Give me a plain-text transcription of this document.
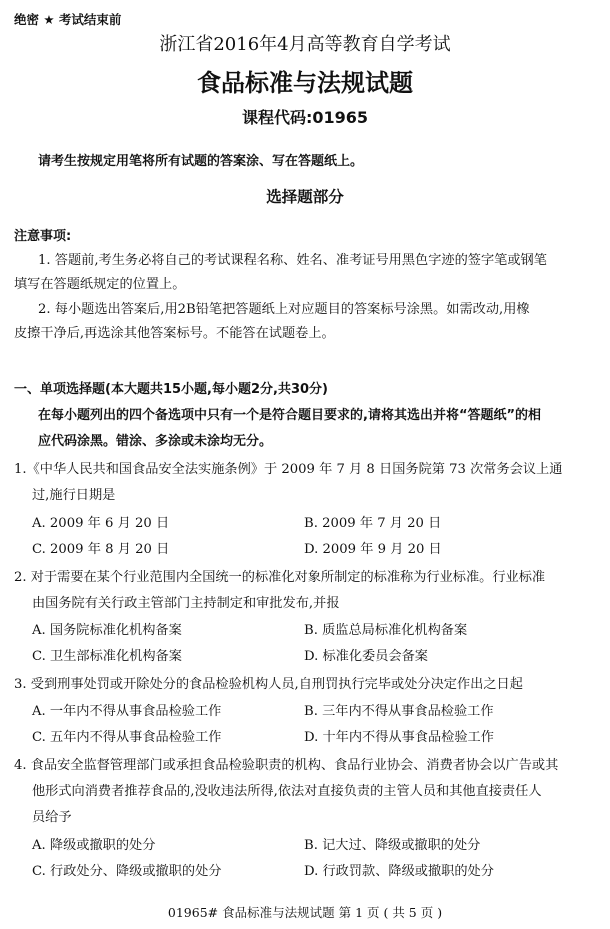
绝密 ★ 考试结束前
浙江省2016年4月高等教育自学考试
食品标准与法规试题
课程代码:01965
请考生按规定用笔将所有试题的答案涂、写在答题纸上。
选择题部分
注意事项:
1. 答题前,考生务必将自己的考试课程名称、姓名、准考证号用黑色字迹的签字笔或钢笔
填写在答题纸规定的位置上。
2. 每小题选出答案后,用2B铅笔把答题纸上对应题目的答案标号涂黑。如需改动,用橡
皮擦干净后,再选涂其他答案标号。不能答在试题卷上。
一、单项选择题(本大题共15小题,每小题2分,共30分)
在每小题列出的四个备选项中只有一个是符合题目要求的,请将其选出并将“答题纸”的相
应代码涂黑。错涂、多涂或未涂均无分。
1.《中华人民共和国食品安全法实施条例》于 2009 年 7 月 8 日国务院第 73 次常务会议上通
过,施行日期是
A. 2009 年 6 月 20 日	B. 2009 年 7 月 20 日
C. 2009 年 8 月 20 日	D. 2009 年 9 月 20 日
2. 对于需要在某个行业范围内全国统一的标准化对象所制定的标准称为行业标准。行业标准
由国务院有关行政主管部门主持制定和审批发布,并报
A. 国务院标准化机构备案	B. 质监总局标准化机构备案
C. 卫生部标准化机构备案	D. 标准化委员会备案
3. 受到刑事处罚或开除处分的食品检验机构人员,自刑罚执行完毕或处分决定作出之日起
A. 一年内不得从事食品检验工作	B. 三年内不得从事食品检验工作
C. 五年内不得从事食品检验工作	D. 十年内不得从事食品检验工作
4. 食品安全监督管理部门或承担食品检验职责的机构、食品行业协会、消费者协会以广告或其
他形式向消费者推荐食品的,没收违法所得,依法对直接负责的主管人员和其他直接责任人
员给予
A. 降级或撤职的处分	B. 记大过、降级或撤职的处分
C. 行政处分、降级或撤职的处分	D. 行政罚款、降级或撤职的处分
01965# 食品标准与法规试题 第 1 页 ( 共 5 页 )
